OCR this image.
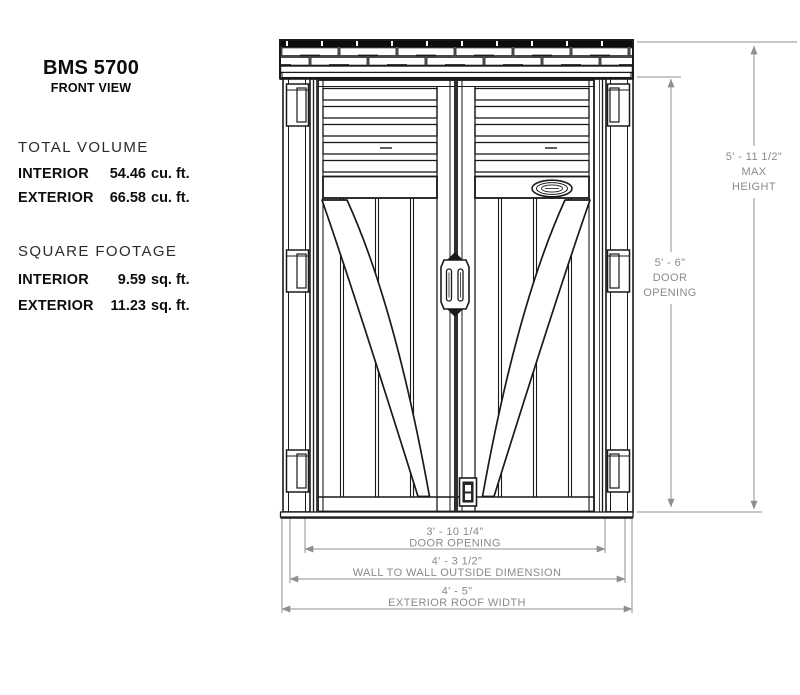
BMS 5700
FRONT VIEW
TOTAL VOLUME
INTERIOR	54.46 cu. ft.
EXTERIOR	66.58 cu. ft.
SQUARE FOOTAGE
INTERIOR	9.59 sq. ft.
EXTERIOR	11.23 sq. ft.
5' - 11 1/2"
MAX
HEIGHT
5' - 6"
DOOR
OPENING
3' - 10 1/4"
DOOR OPENING
4' - 3 1/2"
WALL TO WALL OUTSIDE DIMENSION
4' - 5"
EXTERIOR ROOF WIDTH
